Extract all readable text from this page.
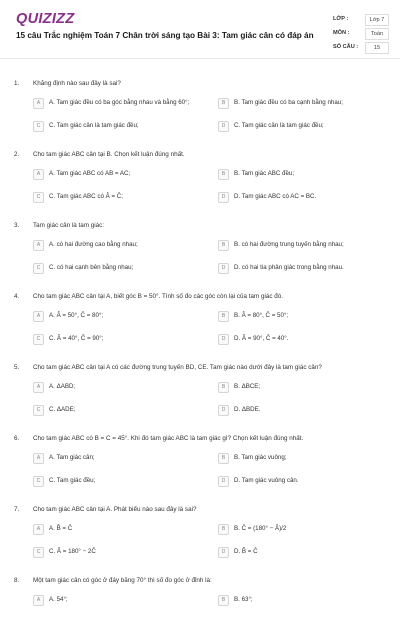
QUIZIZZ
15 câu Trắc nghiệm Toán 7 Chân trời sáng tạo Bài 3: Tam giác cân có đáp án
LỚP :	Lớp 7
MÔN :	Toán
SỐ CÂU :	15
1. Khẳng định nào sau đây là sai?
A A. Tam giác đều có ba góc bằng nhau và bằng 60°;	B B. Tam giác đều có ba cạnh bằng nhau;
C C. Tam giác cân là tam giác đều;	D C. Tam giác cân là tam giác đều;
2. Cho tam giác ABC cân tại B. Chọn kết luận đúng nhất.
A A. Tam giác ABC có AB = AC;	B B. Tam giác ABC đều;
C C. Tam giác ABC có Â = Ĉ;	D D. Tam giác ABC có AC = BC.
3. Tam giác cân là tam giác:
A A. có hai đường cao bằng nhau;	B B. có hai đường trung tuyến bằng nhau;
C C. có hai cạnh bên bằng nhau;	D D. có hai tia phân giác trong bằng nhau.
4. Cho tam giác ABC cân tại A, biết góc B = 50°. Tính số đo các góc còn lại của tam giác đó.
A A. Â = 50°, Ĉ = 80°;	B B. Â = 80°, Ĉ = 50°;
C C. Â = 40°, Ĉ = 90°;	D D. Â = 90°, Ĉ = 40°.
5. Cho tam giác ABC cân tại A có các đường trung tuyến BD, CE. Tam giác nào dưới đây là tam giác cân?
A A. ΔABD;	B B. ΔBCE;
C C. ΔADE;	D D. ΔBDE.
6. Cho tam giác ABC có B̂ = Ĉ = 45°. Khi đó tam giác ABC là tam giác gì? Chọn kết luận đúng nhất.
A A. Tam giác cân;	B B. Tam giác vuông;
C C. Tam giác đều;	D D. Tam giác vuông cân.
7. Cho tam giác ABC cân tại A. Phát biểu nào sau đây là sai?
A A. B̂ = Ĉ	B B. Ĉ = (180° − Â)/2
C C. Â = 180° − 2Ĉ	D D. B̂ = Ĉ
8. Một tam giác cân có góc ở đáy bằng 70° thì số đo góc ở đỉnh là:
A A. 54°;	B B. 63°;
